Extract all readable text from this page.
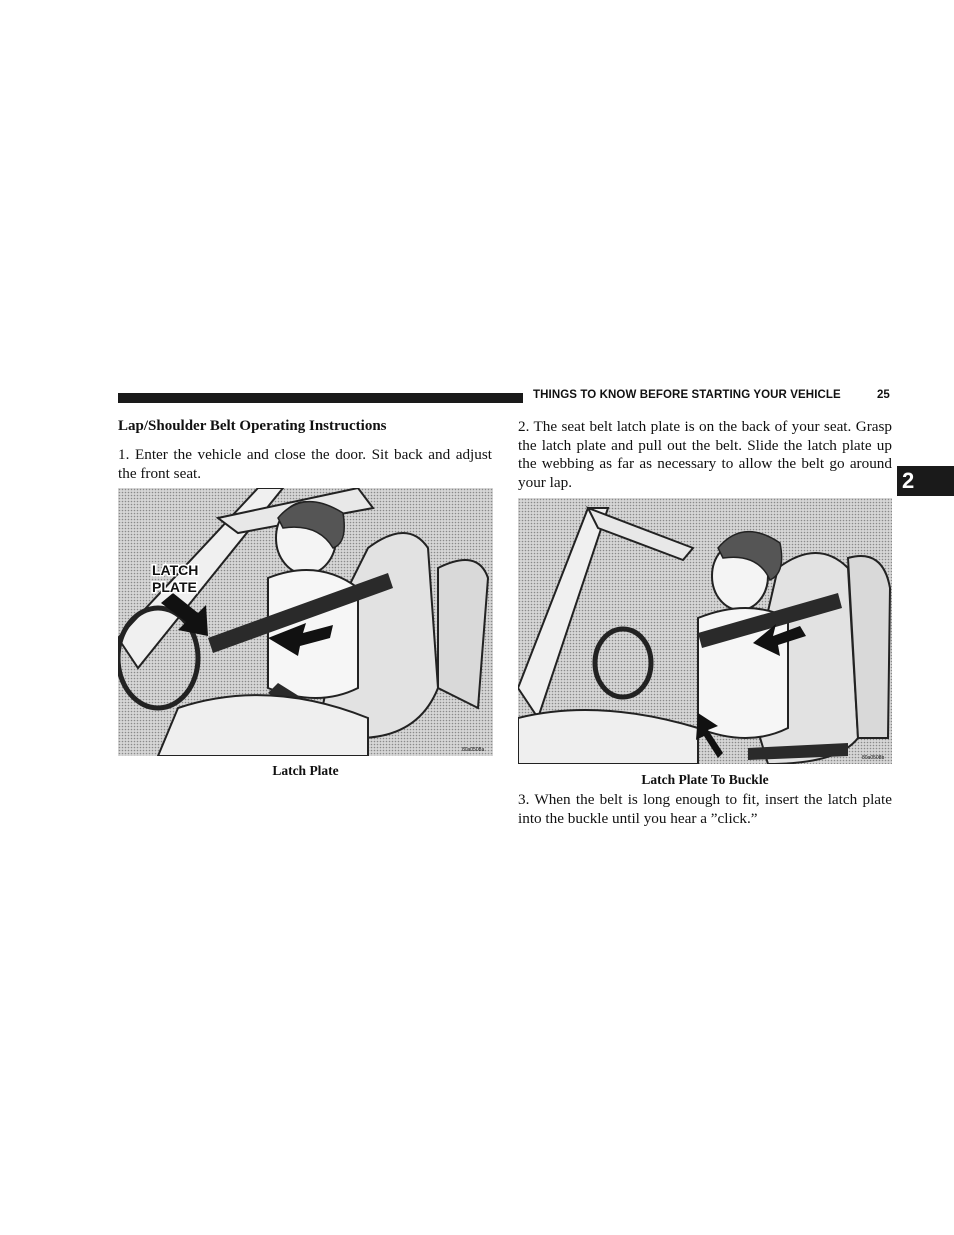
THINGS TO KNOW BEFORE STARTING YOUR VEHICLE	25
2
Lap/Shoulder Belt Operating Instructions

1. Enter the vehicle and close the door. Sit back and adjust the front seat.

LATCH
PLATE
80a0508a
Latch Plate

2. The seat belt latch plate is on the back of your seat. Grasp the latch plate and pull out the belt. Slide the latch plate up the webbing as far as necessary to allow the belt go around your lap.

80a0508b
Latch Plate To Buckle

3. When the belt is long enough to fit, insert the latch plate into the buckle until you hear a ”click.”
